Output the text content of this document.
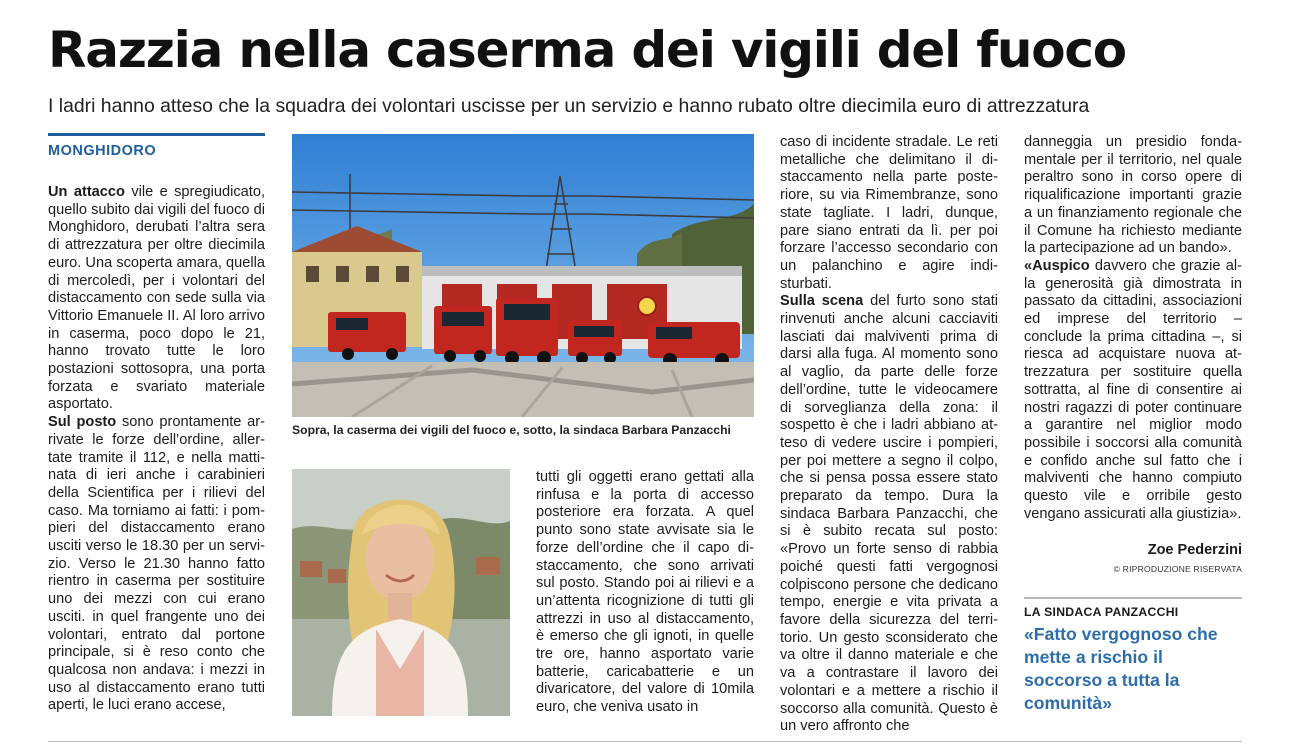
Razzia nella caserma dei vigili del fuoco

I ladri hanno atteso che la squadra dei volontari uscisse per un servizio e hanno rubato oltre diecimila euro di attrezzatura

MONGHIDORO

Un attacco vile e spregiudicato, quello subito dai vigili del fuoco di Monghidoro, derubati l’altra sera di attrezzatura per oltre diecimila euro. Una scoperta amara, quella di mercoledì, per i volontari del distaccamento con sede sulla via Vittorio Emanuele II. Al loro arrivo in caserma, poco dopo le 21, hanno trovato tutte le loro postazioni sottosopra, una porta forzata e svariato materiale asportato.

Sul posto sono prontamente arrivate le forze dell’ordine, allertate tramite il 112, e nella mattinata di ieri anche i carabinieri della Scientifica per i rilievi del caso. Ma torniamo ai fatti: i pompieri del distaccamento erano usciti verso le 18.30 per un servizio. Verso le 21.30 hanno fatto rientro in caserma per sostituire uno dei mezzi con cui erano usciti. in quel frangente uno dei volontari, entrato dal portone principale, si è reso conto che qualcosa non andava: i mezzi in uso al distaccamento erano tutti aperti, le luci erano accese,

Sopra, la caserma dei vigili del fuoco e, sotto, la sindaca Barbara Panzacchi

tutti gli oggetti erano gettati alla rinfusa e la porta di accesso posteriore era forzata. A quel punto sono state avvisate sia le forze dell’ordine che il capo distaccamento, che sono arrivati sul posto. Stando poi ai rilievi e a un’attenta ricognizione di tutti gli attrezzi in uso al distaccamento, è emerso che gli ignoti, in quelle tre ore, hanno asportato varie batterie, caricabatterie e un divaricatore, del valore di 10mila euro, che veniva usato in

caso di incidente stradale. Le reti metalliche che delimitano il distaccamento nella parte posteriore, su via Rimembranze, sono state tagliate. I ladri, dunque, pare siano entrati da lì. per poi forzare l’accesso secondario con un palanchino e agire indisturbati.

Sulla scena del furto sono stati rinvenuti anche alcuni cacciaviti lasciati dai malviventi prima di darsi alla fuga. Al momento sono al vaglio, da parte delle forze dell’ordine, tutte le videocamere di sorveglianza della zona: il sospetto è che i ladri abbiano atteso di vedere uscire i pompieri, per poi mettere a segno il colpo, che si pensa possa essere stato preparato da tempo. Dura la sindaca Barbara Panzacchi, che si è subito recata sul posto: «Provo un forte senso di rabbia poiché questi fatti vergognosi colpiscono persone che dedicano tempo, energie e vita privata a favore della sicurezza del territorio. Un gesto sconsiderato che va oltre il danno materiale e che va a contrastare il lavoro dei volontari e a mettere a rischio il soccorso alla comunità. Questo è un vero affronto che

danneggia un presidio fondamentale per il territorio, nel quale peraltro sono in corso opere di riqualificazione importanti grazie a un finanziamento regionale che il Comune ha richiesto mediante la partecipazione ad un bando».

«Auspico davvero che grazie alla generosità già dimostrata in passato da cittadini, associazioni ed imprese del territorio – conclude la prima cittadina –, si riesca ad acquistare nuova attrezzatura per sostituire quella sottratta, al fine di consentire ai nostri ragazzi di poter continuare a garantire nel miglior modo possibile i soccorsi alla comunità e confido anche sul fatto che i malviventi che hanno compiuto questo vile e orribile gesto vengano assicurati alla giustizia».

Zoe Pederzini
© RIPRODUZIONE RISERVATA
LA SINDACA PANZACCHI
«Fatto vergognoso che mette a rischio il soccorso a tutta la comunità»
